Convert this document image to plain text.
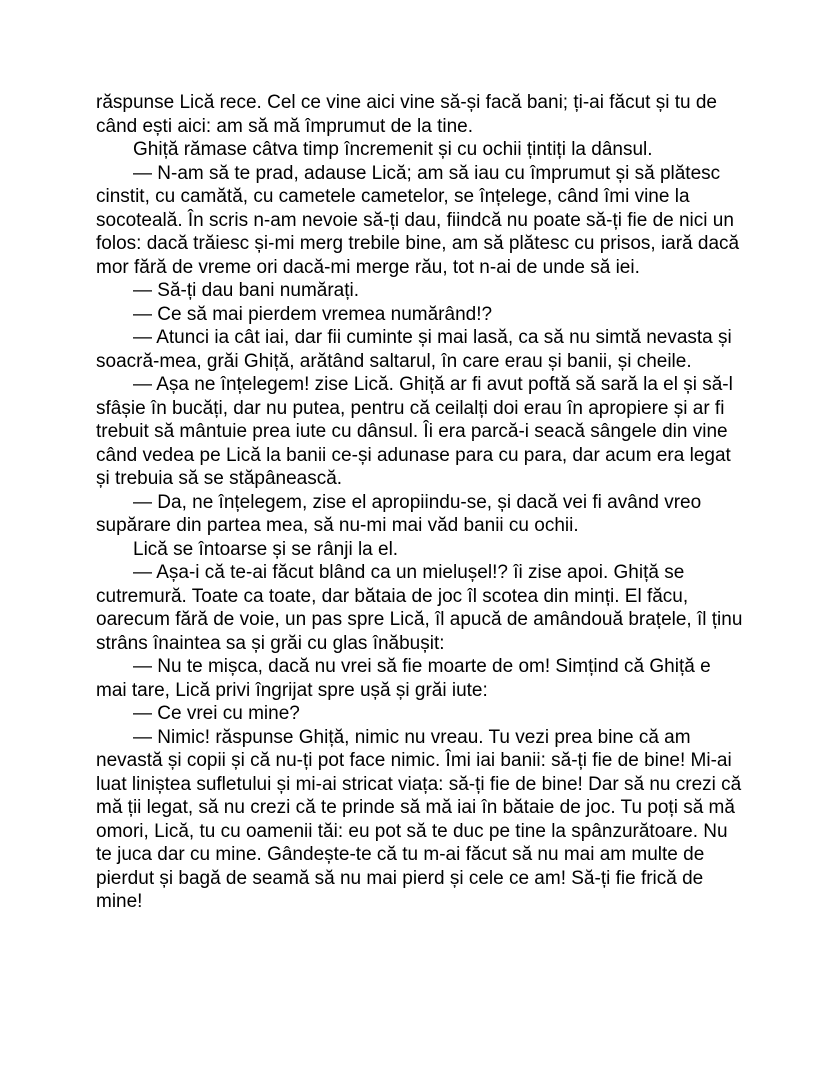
răspunse Lică rece. Cel ce vine aici vine să-și facă bani; ți-ai făcut și tu de când ești aici: am să mă împrumut de la tine.

Ghiță rămase câtva timp încremenit și cu ochii țintiți la dânsul.

— N-am să te prad, adause Lică; am să iau cu împrumut și să plătesc cinstit, cu camătă, cu cametele cametelor, se înțelege, când îmi vine la socoteală. În scris n-am nevoie să-ți dau, fiindcă nu poate să-ți fie de nici un folos: dacă trăiesc și-mi merg trebile bine, am să plătesc cu prisos, iară dacă mor fără de vreme ori dacă-mi merge rău, tot n-ai de unde să iei.

— Să-ți dau bani numărați.

— Ce să mai pierdem vremea numărând!?

— Atunci ia cât iai, dar fii cuminte și mai lasă, ca să nu simtă nevasta și soacră-mea, grăi Ghiță, arătând saltarul, în care erau și banii, și cheile.

— Așa ne înțelegem! zise Lică. Ghiță ar fi avut poftă să sară la el și să-l sfâșie în bucăți, dar nu putea, pentru că ceilalți doi erau în apropiere și ar fi trebuit să mântuie prea iute cu dânsul. Îi era parcă-i seacă sângele din vine când vedea pe Lică la banii ce-și adunase para cu para, dar acum era legat și trebuia să se stăpânească.

— Da, ne înțelegem, zise el apropiindu-se, și dacă vei fi având vreo supărare din partea mea, să nu-mi mai văd banii cu ochii.

Lică se întoarse și se rânji la el.

— Așa-i că te-ai făcut blând ca un mielușel!? îi zise apoi. Ghiță se cutremură. Toate ca toate, dar bătaia de joc îl scotea din minți. El făcu, oarecum fără de voie, un pas spre Lică, îl apucă de amândouă brațele, îl ținu strâns înaintea sa și grăi cu glas înăbușit:

— Nu te mișca, dacă nu vrei să fie moarte de om! Simțind că Ghiță e mai tare, Lică privi îngrijat spre ușă și grăi iute:

— Ce vrei cu mine?

— Nimic! răspunse Ghiță, nimic nu vreau. Tu vezi prea bine că am nevastă și copii și că nu-ți pot face nimic. Îmi iai banii: să-ți fie de bine! Mi-ai luat liniștea sufletului și mi-ai stricat viața: să-ți fie de bine! Dar să nu crezi că mă ții legat, să nu crezi că te prinde să mă iai în bătaie de joc. Tu poți să mă omori, Lică, tu cu oamenii tăi: eu pot să te duc pe tine la spânzurătoare. Nu te juca dar cu mine. Gândește-te că tu m-ai făcut să nu mai am multe de pierdut și bagă de seamă să nu mai pierd și cele ce am! Să-ți fie frică de mine!
